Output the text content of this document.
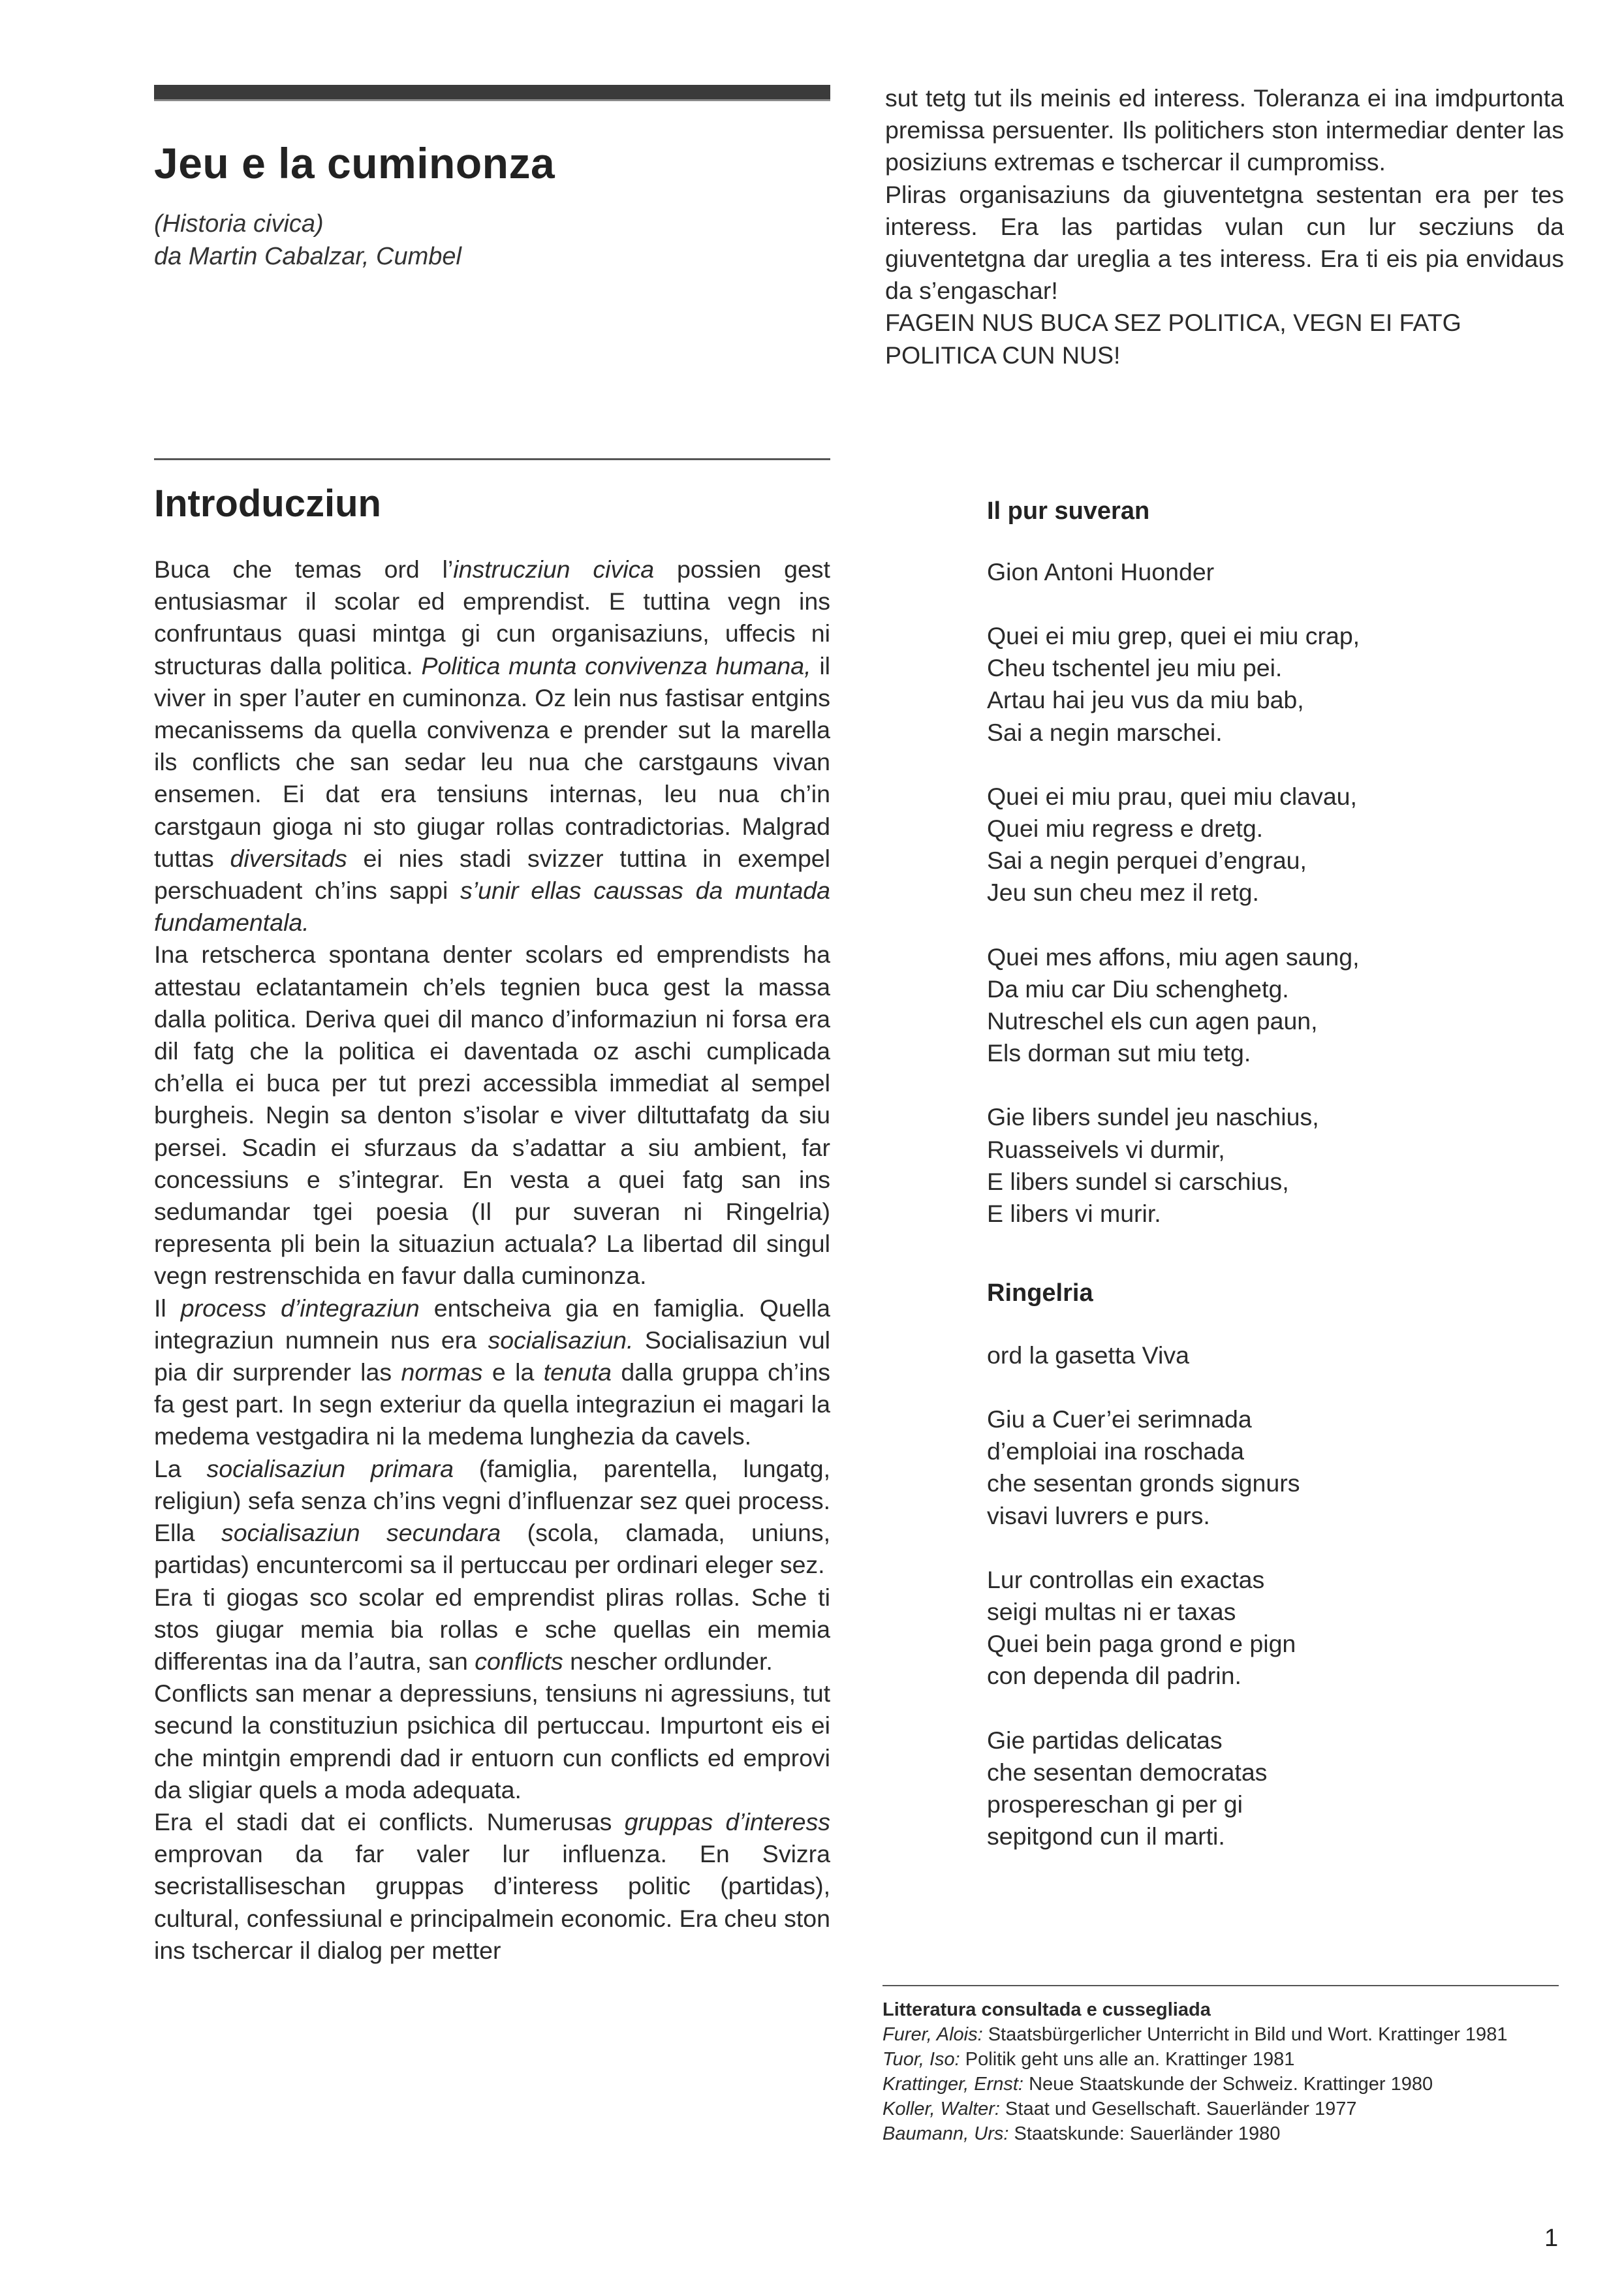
Jeu e la cuminonza
(Historia civica)
da Martin Cabalzar, Cumbel

sut tetg tut ils meinis ed interess. Toleranza ei ina imdpurtonta premissa persuenter. Ils politichers ston intermediar denter las posiziuns extremas e tschercar il cumpromiss.

Pliras organisaziuns da giuventetgna sestentan era per tes interess. Era las partidas vulan cun lur secziuns da giuventetgna dar ureglia a tes interess. Era ti eis pia envidaus da s’engaschar!

FAGEIN NUS BUCA SEZ POLITICA, VEGN EI FATG POLITICA CUN NUS!

Introducziun

Buca che temas ord l’instrucziun civica possien gest entusiasmar il scolar ed emprendist. E tuttina vegn ins confruntaus quasi mintga gi cun organisaziuns, uffecis ni structuras dalla politica. Politica munta convivenza humana, il viver in sper l’auter en cuminonza. Oz lein nus fastisar entgins mecanissems da quella convivenza e prender sut la marella ils conflicts che san sedar leu nua che carstgauns vivan ensemen. Ei dat era tensiuns internas, leu nua ch’in carstgaun gioga ni sto giugar rollas contradictorias. Malgrad tuttas diversitads ei nies stadi svizzer tuttina in exempel perschuadent ch’ins sappi s’unir ellas caussas da muntada fundamentala.

Ina retscherca spontana denter scolars ed emprendists ha attestau eclatantamein ch’els tegnien buca gest la massa dalla politica. Deriva quei dil manco d’informaziun ni forsa era dil fatg che la politica ei daventada oz aschi cumplicada ch’ella ei buca per tut prezi accessibla immediat al sempel burgheis. Negin sa denton s’isolar e viver diltuttafatg da siu persei. Scadin ei sfurzaus da s’adattar a siu ambient, far concessiuns e s’integrar. En vesta a quei fatg san ins sedumandar tgei poesia (Il pur suveran ni Ringelria) representa pli bein la situaziun actuala? La libertad dil singul vegn restrenschida en favur dalla cuminonza.

Il process d’integraziun entscheiva gia en famiglia. Quella integraziun numnein nus era socialisaziun. Socialisaziun vul pia dir surprender las normas e la tenuta dalla gruppa ch’ins fa gest part. In segn exteriur da quella integraziun ei magari la medema vestgadira ni la medema lunghezia da cavels.

La socialisaziun primara (famiglia, parentella, lungatg, religiun) sefa senza ch’ins vegni d’influenzar sez quei process. Ella socialisaziun secundara (scola, clamada, uniuns, partidas) encuntercomi sa il pertuccau per ordinari eleger sez.

Era ti giogas sco scolar ed emprendist pliras rollas. Sche ti stos giugar memia bia rollas e sche quellas ein memia differentas ina da l’autra, san conflicts nescher ordlunder.

Conflicts san menar a depressiuns, tensiuns ni agressiuns, tut secund la constituziun psichica dil pertuccau. Impurtont eis ei che mintgin emprendi dad ir entuorn cun conflicts ed emprovi da sligiar quels a moda adequata.

Era el stadi dat ei conflicts. Numerusas gruppas d’interess emprovan da far valer lur influenza. En Svizra secristalliseschan gruppas d’interess politic (partidas), cultural, confessiunal e principalmein economic. Era cheu ston ins tschercar il dialog per metter

Il pur suveran
Gion Antoni Huonder
Quei ei miu grep, quei ei miu crap,
Cheu tschentel jeu miu pei.
Artau hai jeu vus da miu bab,
Sai a negin marschei.
Quei ei miu prau, quei miu clavau,
Quei miu regress e dretg.
Sai a negin perquei d’engrau,
Jeu sun cheu mez il retg.
Quei mes affons, miu agen saung,
Da miu car Diu schenghetg.
Nutreschel els cun agen paun,
Els dorman sut miu tetg.
Gie libers sundel jeu naschius,
Ruasseivels vi durmir,
E libers sundel si carschius,
E libers vi murir.
Ringelria
ord la gasetta Viva
Giu a Cuer’ei serimnada
d’emploiai ina roschada
che sesentan gronds signurs
visavi luvrers e purs.
Lur controllas ein exactas
seigi multas ni er taxas
Quei bein paga grond e pign
con dependa dil padrin.
Gie partidas delicatas
che sesentan democratas
prospereschan gi per gi
sepitgond cun il marti.
Litteratura consultada e cussegliada
Furer, Alois: Staatsbürgerlicher Unterricht in Bild und Wort. Krattinger 1981
Tuor, Iso: Politik geht uns alle an. Krattinger 1981
Krattinger, Ernst: Neue Staatskunde der Schweiz. Krattinger 1980
Koller, Walter: Staat und Gesellschaft. Sauerländer 1977
Baumann, Urs: Staatskunde: Sauerländer 1980
1
